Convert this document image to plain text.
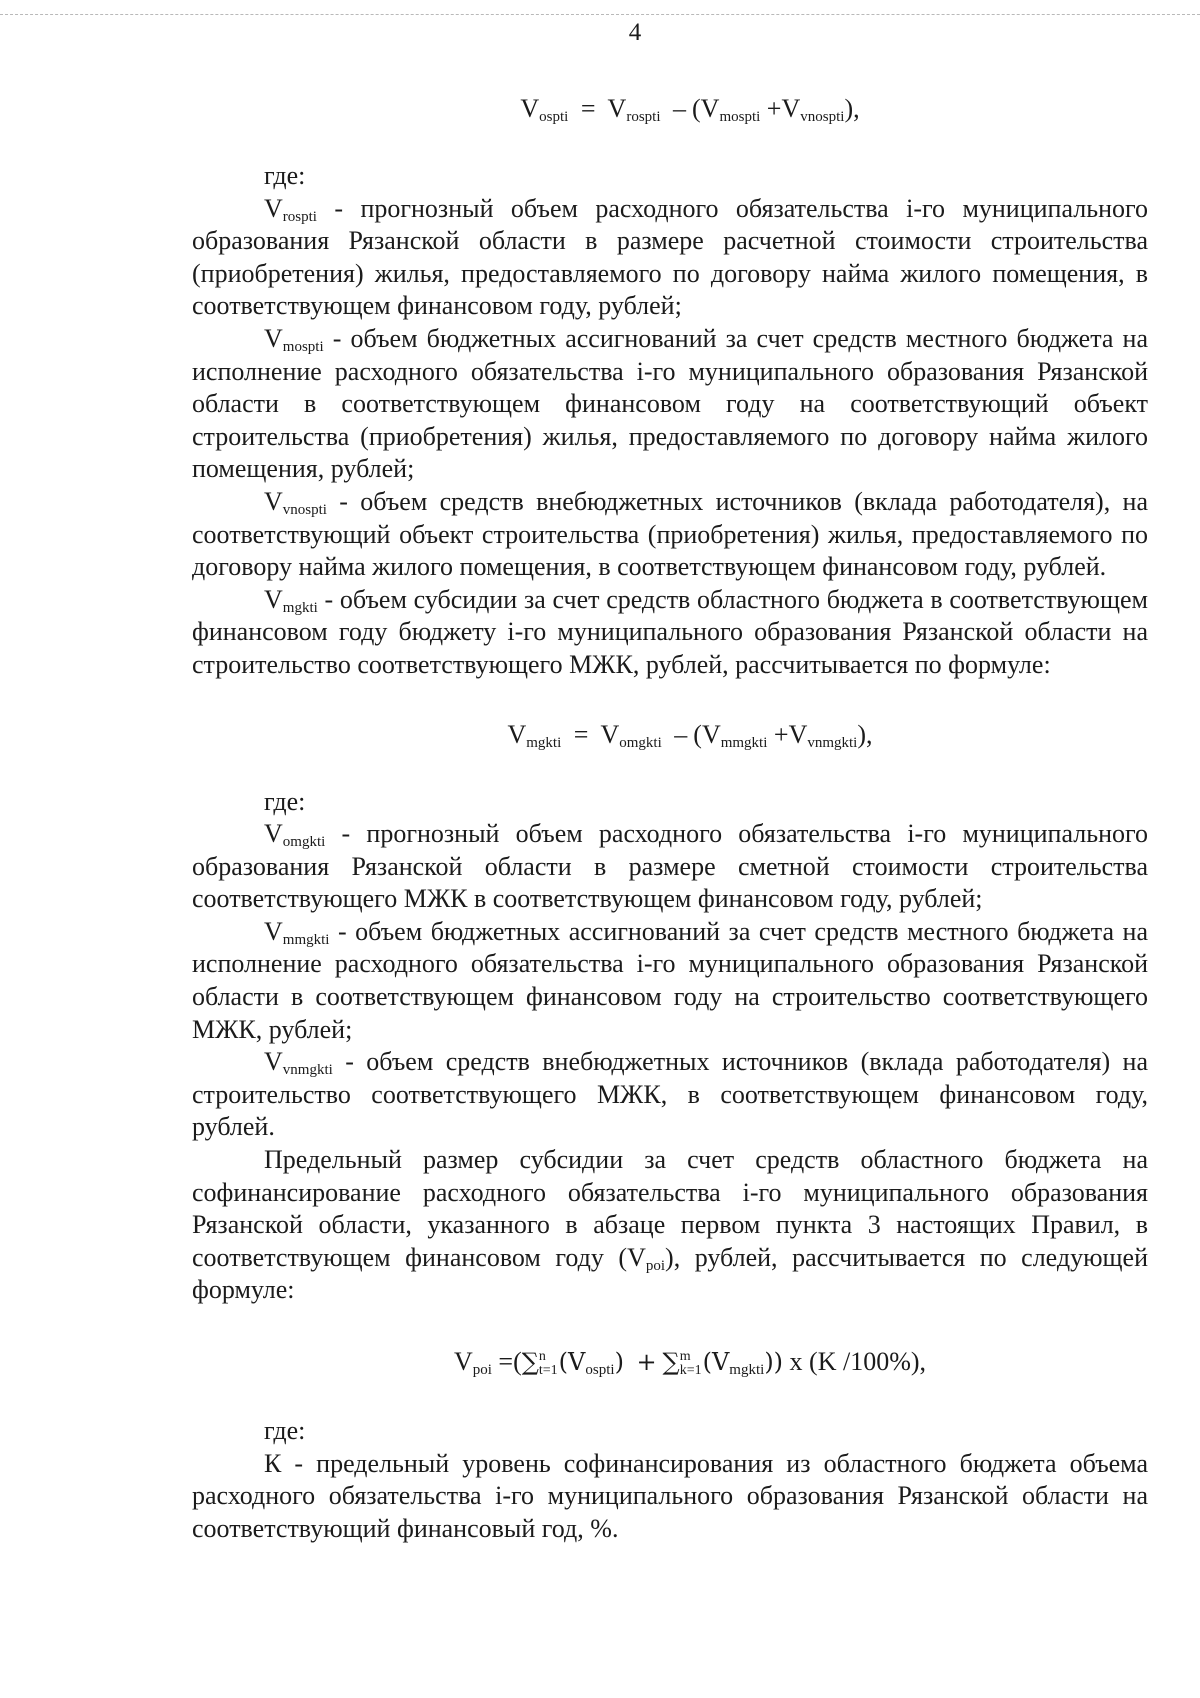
4
$V_{ospti} = V_{rospti} - (V_{mospti} +V_{vnospti})$,

где:

$V_{rospti}$ - прогнозный объем расходного обязательства i-го муниципального образования Рязанской области в размере расчетной стоимости строительства (приобретения) жилья, предоставляемого по договору найма жилого помещения, в соответствующем финансовом году, рублей;

$V_{mospti}$ - объем бюджетных ассигнований за счет средств местного бюджета на исполнение расходного обязательства i-го муниципального образования Рязанской области в соответствующем финансовом году на соответствующий объект строительства (приобретения) жилья, предоставляемого по договору найма жилого помещения, рублей;

$V_{vnospti}$ - объем средств внебюджетных источников (вклада работодателя), на соответствующий объект строительства (приобретения) жилья, предоставляемого по договору найма жилого помещения, в соответствующем финансовом году, рублей.

$V_{mgkti}$ - объем субсидии за счет средств областного бюджета в соответствующем финансовом году бюджету i-го муниципального образования Рязанской области на строительство соответствующего МЖК, рублей, рассчитывается по формуле:

$V_{mgkti} = V_{omgkti} - (V_{mmgkti} +V_{vnmgkti})$,

где:

$V_{omgkti}$ - прогнозный объем расходного обязательства i-го муниципального образования Рязанской области в размере сметной стоимости строительства соответствующего МЖК в соответствующем финансовом году, рублей;

$V_{mmgkti}$ - объем бюджетных ассигнований за счет средств местного бюджета на исполнение расходного обязательства i-го муниципального образования Рязанской области в соответствующем финансовом году на строительство соответствующего МЖК, рублей;

$V_{vnmgkti}$ - объем средств внебюджетных источников (вклада работодателя) на строительство соответствующего МЖК, в соответствующем финансовом году, рублей.

Предельный размер субсидии за счет средств областного бюджета на софинансирование расходного обязательства i-го муниципального образования Рязанской области, указанного в абзаце первом пункта 3 настоящих Правил, в соответствующем финансовом году $(V_{poi})$, рублей, рассчитывается по следующей формуле:

$V_{poi}$ =(∑ n
t=1 $(V_{ospti})$ + ∑ m
k=1 $(V_{mgkti})$) x (K /100%),

где:

К - предельный уровень софинансирования из областного бюджета объема расходного обязательства i-го муниципального образования Рязанской области на соответствующий финансовый год, %.
